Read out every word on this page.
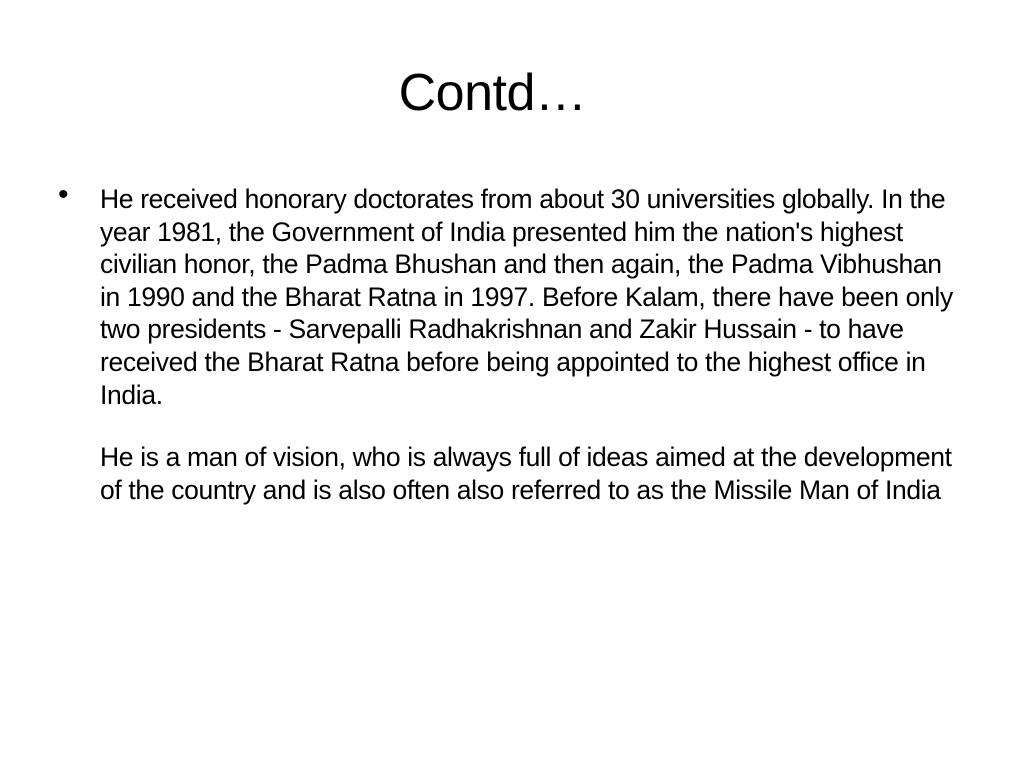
Contd…
• He received honorary doctorates from about 30 universities globally. In the year 1981, the Government of India presented him the nation's highest civilian honor, the Padma Bhushan and then again, the Padma Vibhushan in 1990 and the Bharat Ratna in 1997. Before Kalam, there have been only two presidents - Sarvepalli Radhakrishnan and Zakir Hussain - to have received the Bharat Ratna before being appointed to the highest office in India.

He is a man of vision, who is always full of ideas aimed at the development of the country and is also often also referred to as the Missile Man of India
